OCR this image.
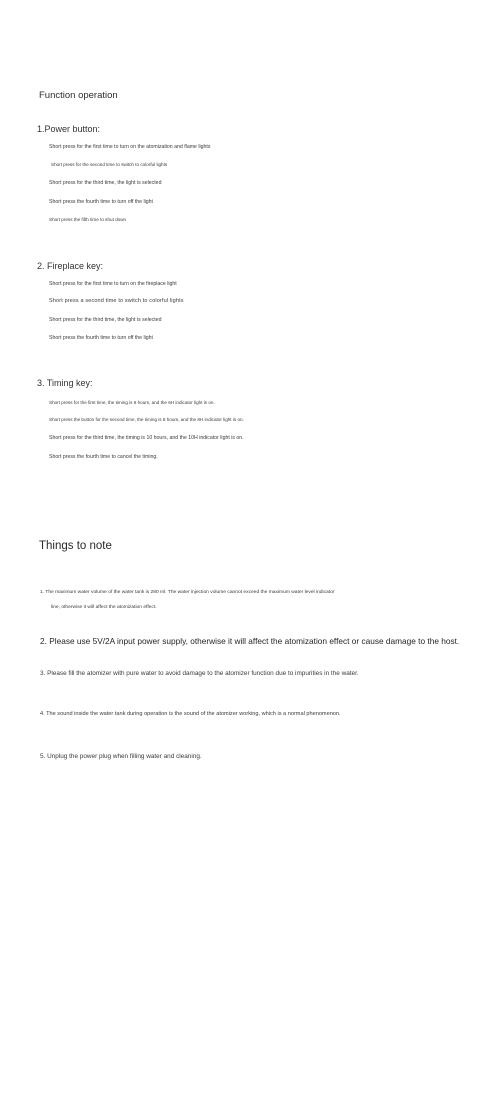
Function operation
1.Power button:
Short press for the first time to turn on the atomization and flame lights
Short press for the second time to switch to colorful lights
Short press for the third time, the light is selected
Short press the fourth time to turn off the light
Short press the fifth time to shut down
2. Fireplace key:
Short press for the first time to turn on the fireplace light
Short press a second time to switch to colorful lights
Short press for the third time, the light is selected
Short press the fourth time to turn off the light
3. Timing key:
Short press for the first time, the timing is 6 hours, and the 6H indicator light is on.
Short press the button for the second time, the timing is 8 hours, and the 8H indicator light is on.
Short press for the third time, the timing is 10 hours, and the 10H indicator light is on.
Short press the fourth time to cancel the timing.
Things to note
1. The maximum water volume of the water tank is 280 ml. The water injection volume cannot exceed the maximum water level indicator
line, otherwise it will affect the atomization effect.
2. Please use 5V/2A input power supply, otherwise it will affect the atomization effect or cause damage to the host.
3. Please fill the atomizer with pure water to avoid damage to the atomizer function due to impurities in the water.
4. The sound inside the water tank during operation is the sound of the atomizer working, which is a normal phenomenon.
5. Unplug the power plug when filling water and cleaning.
